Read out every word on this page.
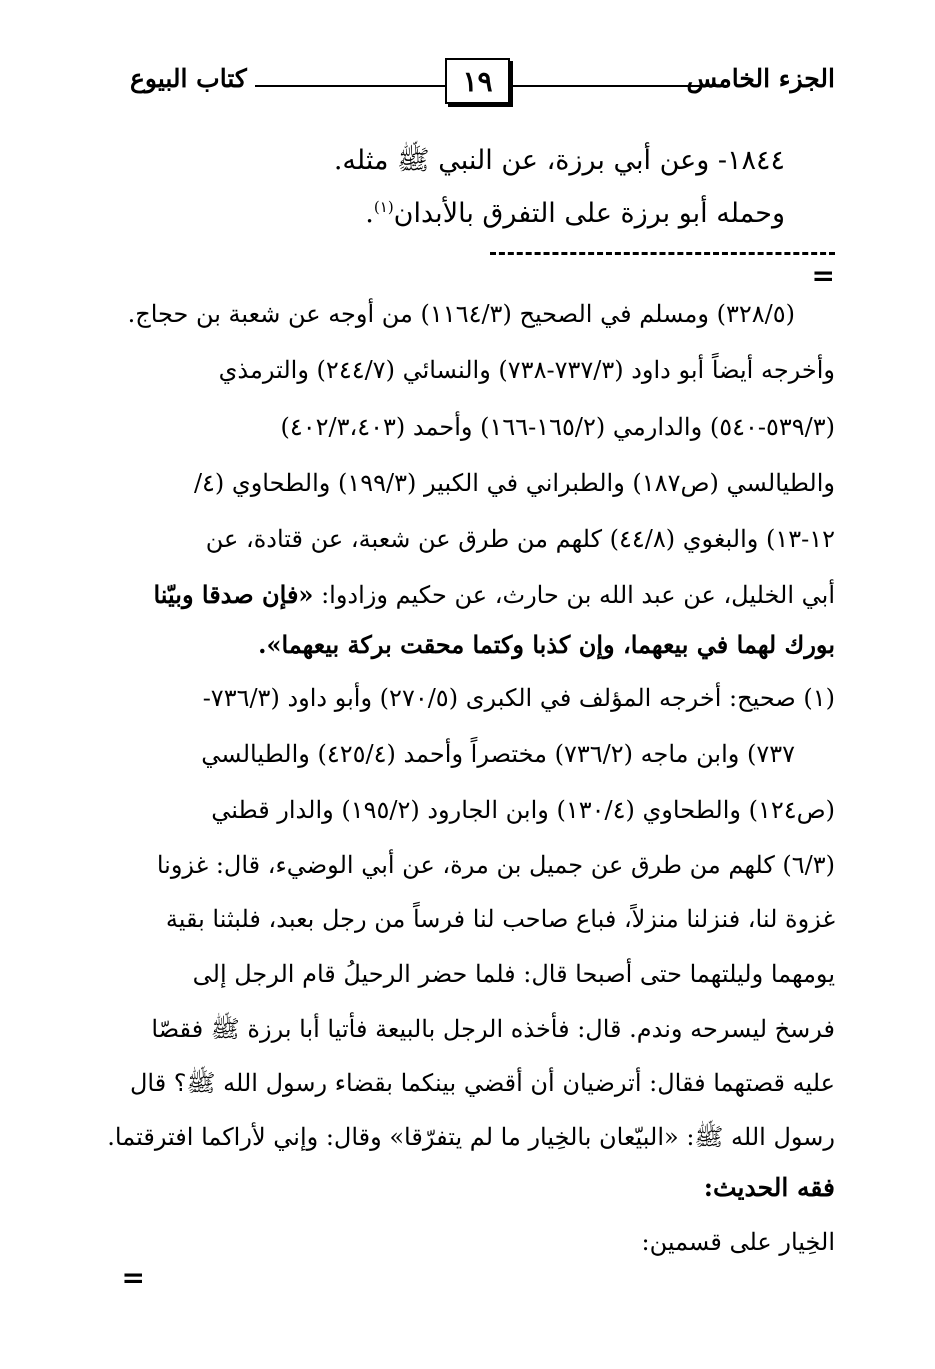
الجزء الخامس
١٩
كتاب البيوع
١٨٤٤- وعن أبي برزة، عن النبي ﷺ مثله.
وحمله أبو برزة على التفرق بالأبدان$^{(١)}$.
=
(٣٢٨/٥) ومسلم في الصحيح (١١٦٤/٣) من أوجه عن شعبة بن حجاج.
وأخرجه أيضاً أبو داود (٧٣٧/٣-٧٣٨) والنسائي (٢٤٤/٧) والترمذي
(٥٣٩/٣-٥٤٠) والدارمي (١٦٥/٢-١٦٦) وأحمد (٤٠٢/٣،٤٠٣)
والطيالسي (ص١٨٧) والطبراني في الكبير (١٩٩/٣) والطحاوي (٤/
١٢-١٣) والبغوي (٤٤/٨) كلهم من طرق عن شعبة، عن قتادة، عن
أبي الخليل، عن عبد الله بن حارث، عن حكيم وزادوا: «فإن صدقا وبيّنا
بورك لهما في بيعهما، وإن كذبا وكتما محقت بركة بيعهما».
(١) صحيح: أخرجه المؤلف في الكبرى (٢٧٠/٥) وأبو داود (٧٣٦/٣-
٧٣٧) وابن ماجه (٧٣٦/٢) مختصراً وأحمد (٤٢٥/٤) والطيالسي
(ص١٢٤) والطحاوي (١٣٠/٤) وابن الجارود (١٩٥/٢) والدار قطني
(٦/٣) كلهم من طرق عن جميل بن مرة، عن أبي الوضيء، قال: غزونا
غزوة لنا، فنزلنا منزلاً، فباع صاحب لنا فرساً من رجل بعبد، فلبثنا بقية
يومهما وليلتهما حتى أصبحا قال: فلما حضر الرحيلُ قام الرجل إلى
فرسخ ليسرحه وندم. قال: فأخذه الرجل بالبيعة فأتيا أبا برزة ﷺ فقصّا
عليه قصتهما فقال: أترضيان أن أقضي بينكما بقضاء رسول الله ﷺ؟ قال
رسول الله ﷺ: «البيّعان بالخِيار ما لم يتفرّقا» وقال: وإني لأراكما افترقتما.
فقه الحديث:
الخِيار على قسمين:
=
